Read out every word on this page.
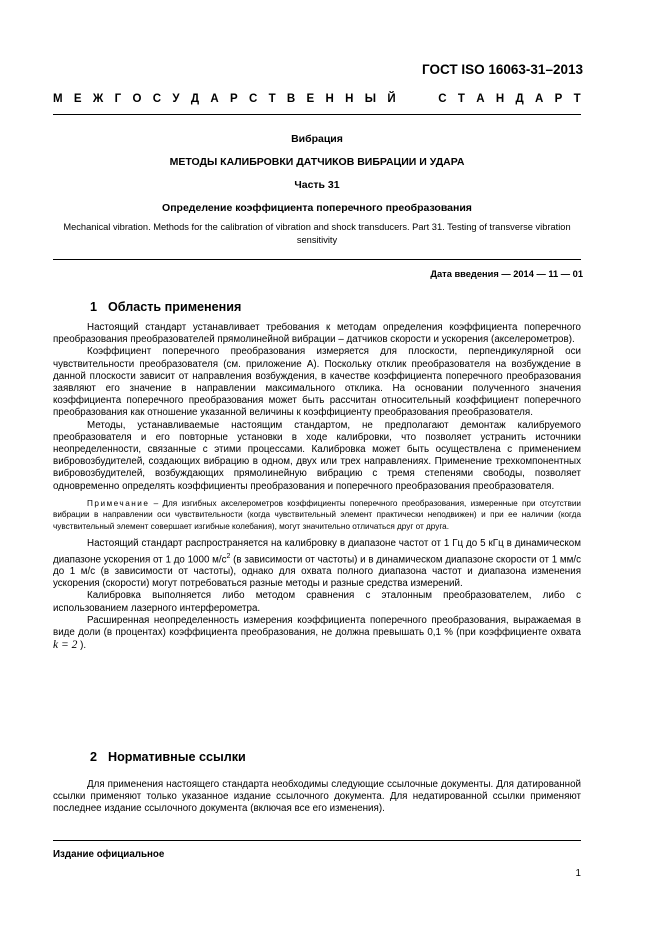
ГОСТ ISO 16063-31–2013
М Е Ж Г О С У Д А Р С Т В Е Н Н Ы Й	С Т А Н Д А Р Т
Вибрация
МЕТОДЫ КАЛИБРОВКИ ДАТЧИКОВ ВИБРАЦИИ И УДАРА
Часть 31
Определение коэффициента поперечного преобразования
Mechanical vibration. Methods for the calibration of vibration and shock transducers. Part 31. Testing of transverse vibration sensitivity
Дата введения — 2014 — 11 — 01
1 Область применения

Настоящий стандарт устанавливает требования к методам определения коэффициента поперечного преобразования преобразователей прямолинейной вибрации – датчиков скорости и ускорения (акселерометров).

Коэффициент поперечного преобразования измеряется для плоскости, перпендикулярной оси чувствительности преобразователя (см. приложение А). Поскольку отклик преобразователя на возбуждение в данной плоскости зависит от направления возбуждения, в качестве коэффициента поперечного преобразования заявляют его значение в направлении максимального отклика. На основании полученного значения коэффициента поперечного преобразования может быть рассчитан относительный коэффициент поперечного преобразования как отношение указанной величины к коэффициенту преобразования преобразователя.

Методы, устанавливаемые настоящим стандартом, не предполагают демонтаж калибруемого преобразователя и его повторные установки в ходе калибровки, что позволяет устранить источники неопределенности, связанные с этими процессами. Калибровка может быть осуществлена с применением вибровозбудителей, создающих вибрацию в одном, двух или трех направлениях. Применение трехкомпонентных вибровозбудителей, возбуждающих прямолинейную вибрацию с тремя степенями свободы, позволяет одновременно определять коэффициенты преобразования и поперечного преобразования преобразователя.

Примечание – Для изгибных акселерометров коэффициенты поперечного преобразования, измеренные при отсутствии вибрации в направлении оси чувствительности (когда чувствительный элемент практически неподвижен) и при ее наличии (когда чувствительный элемент совершает изгибные колебания), могут значительно отличаться друг от друга.

Настоящий стандарт распространяется на калибровку в диапазоне частот от 1 Гц до 5 кГц в динамическом диапазоне ускорения от 1 до 1000 $м/с^2$ (в зависимости от частоты) и в динамическом диапазоне скорости от 1 мм/с до 1 м/с (в зависимости от частоты), однако для охвата полного диапазона частот и диапазона изменения ускорения (скорости) могут потребоваться разные методы и разные средства измерений.

Калибровка выполняется либо методом сравнения с эталонным преобразователем, либо с использованием лазерного интерферометра.

Расширенная неопределенность измерения коэффициента поперечного преобразования, выражаемая в виде доли (в процентах) коэффициента преобразования, не должна превышать 0,1 % (при коэффициенте охвата k = 2 ).

2 Нормативные ссылки

Для применения настоящего стандарта необходимы следующие ссылочные документы. Для датированной ссылки применяют только указанное издание ссылочного документа. Для недатированной ссылки применяют последнее издание ссылочного документа (включая все его изменения).

Издание официальное
1
